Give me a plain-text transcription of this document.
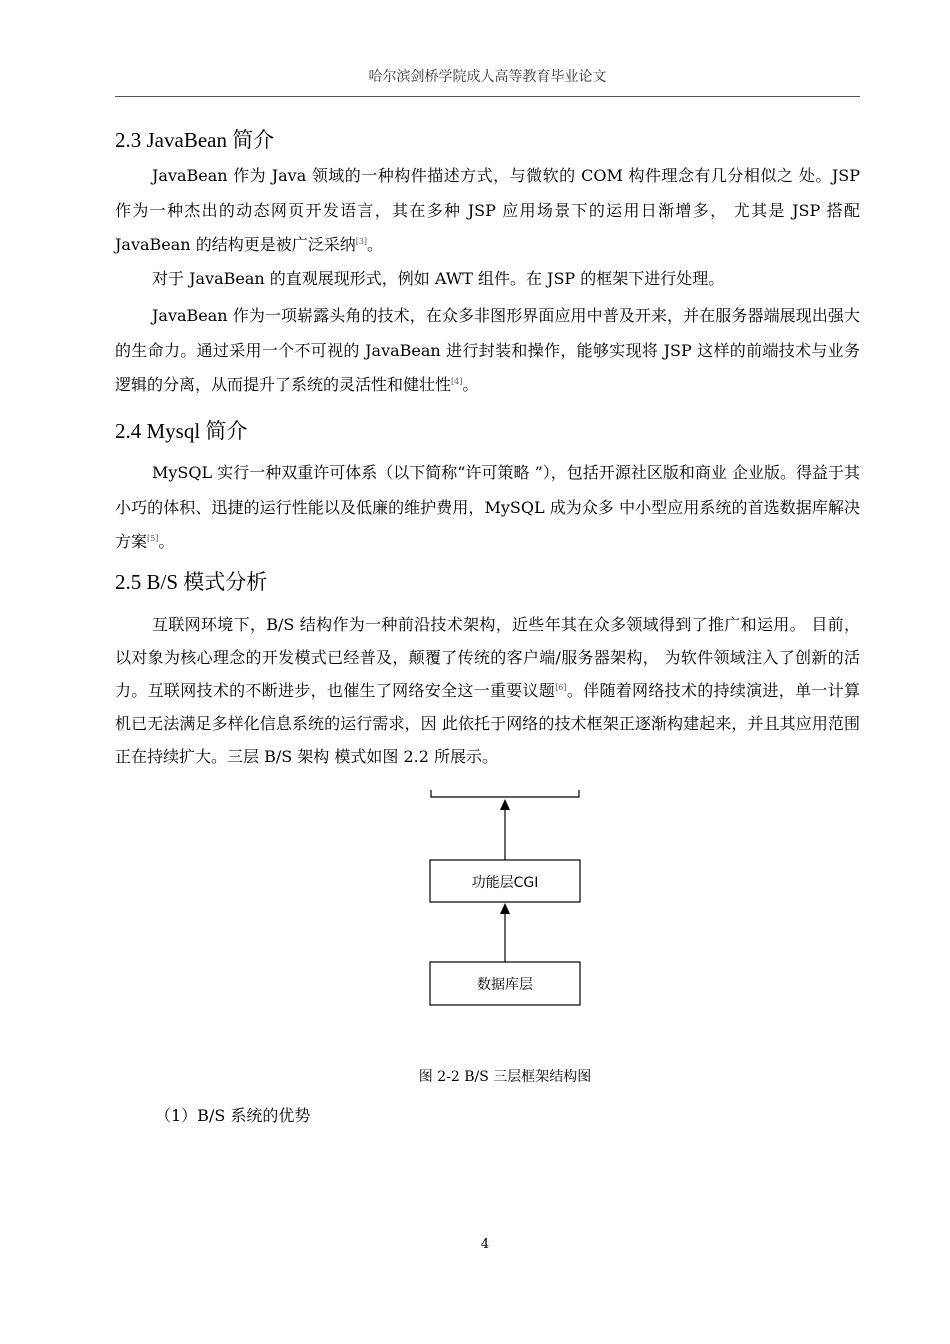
哈尔滨剑桥学院成人高等教育毕业论文
2.3 JavaBean 简介
JavaBean 作为 Java 领域的一种构件描述方式，与微软的 COM 构件理念有几分相似之 处。JSP 作为一种杰出的动态网页开发语言，其在多种 JSP 应用场景下的运用日渐增多， 尤其是 JSP 搭配 JavaBean 的结构更是被广泛采纳[3]。
对于 JavaBean 的直观展现形式，例如 AWT 组件。在 JSP 的框架下进行处理。
JavaBean 作为一项崭露头角的技术，在众多非图形界面应用中普及开来，并在服务器端展现出强大的生命力。通过采用一个不可视的 JavaBean 进行封装和操作，能够实现将 JSP 这样的前端技术与业务逻辑的分离，从而提升了系统的灵活性和健壮性[4]。
2.4 Mysql 简介
MySQL 实行一种双重许可体系（以下简称“许可策略 ”），包括开源社区版和商业 企业版。得益于其小巧的体积、迅捷的运行性能以及低廉的维护费用，MySQL 成为众多 中小型应用系统的首选数据库解决方案[5]。
2.5 B/S 模式分析
互联网环境下，B/S 结构作为一种前沿技术架构，近些年其在众多领域得到了推广和运用。 目前，以对象为核心理念的开发模式已经普及，颠覆了传统的客户端/服务器架构， 为软件领域注入了创新的活力。互联网技术的不断进步，也催生了网络安全这一重要议题[6]。伴随着网络技术的持续演进，单一计算机已无法满足多样化信息系统的运行需求，因 此依托于网络的技术框架正逐渐构建起来，并且其应用范围正在持续扩大。三层 B/S 架构 模式如图 2.2 所展示。
功能层CGI
数据库层
图 2-2 B/S 三层框架结构图
（1）B/S 系统的优势
4
